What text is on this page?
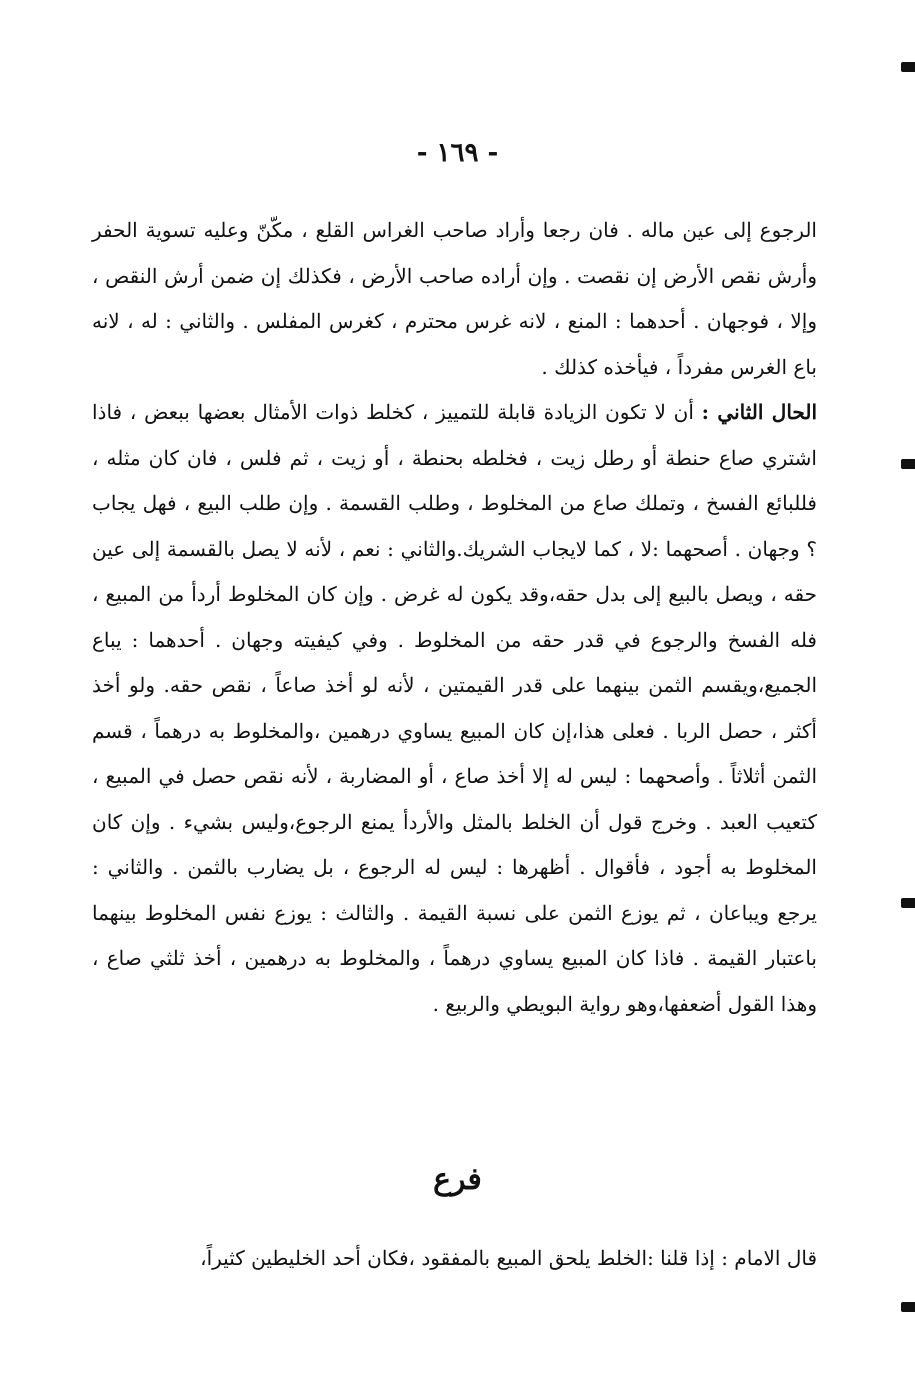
- ١٦٩ -

الرجوع إلى عين ماله . فان رجعا وأراد صاحب الغراس القلع ، مكّنّ وعليه تسوية الحفر وأرش نقص الأرض إن نقصت . وإن أراده صاحب الأرض ، فكذلك إن ضمن أرش النقص ، وإلا ، فوجهان . أحدهما : المنع ، لانه غرس محترم ، كغرس المفلس . والثاني : له ، لانه باع الغرس مفرداً ، فيأخذه كذلك .

الحال الثاني : أن لا تكون الزيادة قابلة للتمييز ، كخلط ذوات الأمثال بعضها ببعض ، فاذا اشتري صاع حنطة أو رطل زيت ، فخلطه بحنطة ، أو زيت ، ثم فلس ، فان كان مثله ، فللبائع الفسخ ، وتملك صاع من المخلوط ، وطلب القسمة . وإن طلب البيع ، فهل يجاب ؟ وجهان . أصحهما :لا ، كما لايجاب الشريك.والثاني : نعم ، لأنه لا يصل بالقسمة إلى عين حقه ، ويصل بالبيع إلى بدل حقه،وقد يكون له غرض . وإن كان المخلوط أردأ من المبيع ، فله الفسخ والرجوع في قدر حقه من المخلوط . وفي كيفيته وجهان . أحدهما : يباع الجميع،ويقسم الثمن بينهما على قدر القيمتين ، لأنه لو أخذ صاعاً ، نقص حقه. ولو أخذ أكثر ، حصل الربا . فعلى هذا،إن كان المبيع يساوي درهمين ،والمخلوط به درهماً ، قسم الثمن أثلاثاً . وأصحهما : ليس له إلا أخذ صاع ، أو المضاربة ، لأنه نقص حصل في المبيع ، كتعيب العبد . وخرج قول أن الخلط بالمثل والأردأ يمنع الرجوع،وليس بشيء . وإن كان المخلوط به أجود ، فأقوال . أظهرها : ليس له الرجوع ، بل يضارب بالثمن . والثاني : يرجع ويباعان ، ثم يوزع الثمن على نسبة القيمة . والثالث : يوزع نفس المخلوط بينهما باعتبار القيمة . فاذا كان المبيع يساوي درهماً ، والمخلوط به درهمين ، أخذ ثلثي صاع ، وهذا القول أضعفها،وهو رواية البويطي والربيع .

فرع

قال الامام : إذا قلنا :الخلط يلحق المبيع بالمفقود ،فكان أحد الخليطين كثيراً،
